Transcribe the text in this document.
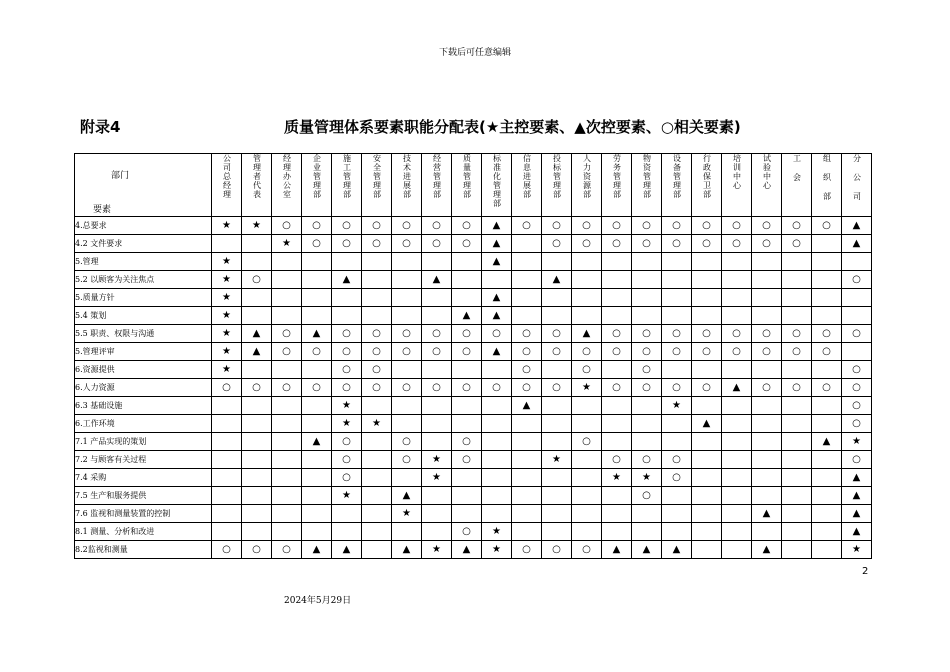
下载后可任意编辑
附录4	质量管理体系要素职能分配表(★主控要素、▲次控要素、○相关要素)
部门
要素	公司总经理	管理者代表	经理办公室	企业管理部	施工管理部	安全管理部	技术进展部	经营管理部	质量管理部	标准化管理部	信息进展部	投标管理部	人力资源部	劳务管理部	物资管理部	设备管理部	行政保卫部	培训中心	试验中心	工 会	组 织 部	分 公 司
4.总要求	★	★	○	○	○	○	○	○	○	▲	○	○	○	○	○	○	○	○	○	○	○	▲
4.2 文件要求			★	○	○	○	○	○	○	▲		○	○	○	○	○	○	○	○	○		▲
5.管理	★									▲												
5.2 以顾客为关注焦点	★	○			▲			▲				▲										○
5.质量方针	★									▲												
5.4 策划	★								▲	▲												
5.5 职责、权限与沟通	★	▲	○	▲	○	○	○	○	○	○	○	○	▲	○	○	○	○	○	○	○	○	○
5.管理评审	★	▲	○	○	○	○	○	○	○	▲	○	○	○	○	○	○	○	○	○	○	○	
6.资源提供	★				○	○					○		○		○							○
6.人力资源	○	○	○	○	○	○	○	○	○	○	○	○	★	○	○	○	○	▲	○	○	○	○
6.3 基础设施					★						▲					★						○
6.工作环境					★	★											▲					○
7.1 产品实现的策划				▲	○		○		○				○								▲	★
7.2 与顾客有关过程					○		○	★	○			★		○	○	○						○
7.4 采购					○			★						★	★	○						▲
7.5 生产和服务提供					★		▲								○							▲
7.6 监视和测量装置的控制							★												▲			▲
8.1 测量、分析和改进									○	★												▲
8.2监视和测量	○	○	○	▲	▲		▲	★	▲	★	○	○	○	▲	▲	▲			▲			★
2
2024年5月29日
